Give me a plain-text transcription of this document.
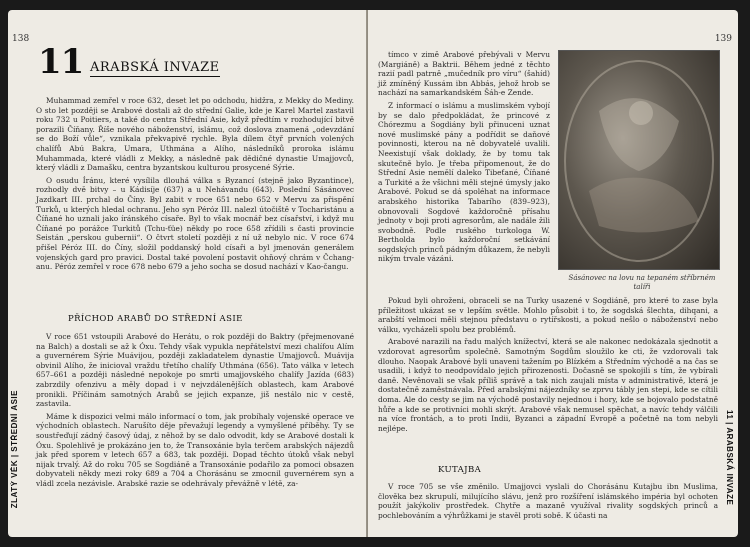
138
ZLATÝ VĚK | STŘEDNÍ ASIE
11 ARABSKÁ INVAZE

Muhammad zemřel v roce 632, deset let po odchodu, hidžra, z Mekky do Mediny. O sto let později se Arabové dostali až do střední Galie, kde je Karel Martel zastavil roku 732 u Poitiers, a také do centra Střední Asie, když předtím v rozhodující bitvě porazili Číňany. Říše nového náboženství, islámu, což doslova znamená „odevzdání se do Boží vůle“, vznikala překvapivě rychle. Byla dílem čtyř prvních volených chalífů Abú Bakra, Umara, Uthmána a Alího, následníků proroka islámu Muhammada, které vládli z Mekky, a následně pak dědičné dynastie Umajjovců, který vládli z Damašku, centra byzantskou kulturou prosycené Sýrie.

O osudu Íránu, které vysílila dlouhá válka s Byzancí (stejně jako Byzantince), rozhodly dvě bitvy – u Kádisíje (637) a u Nehávandu (643). Poslední Sásánovec Jazdkart III. prchal do Číny. Byl zabit v roce 651 nebo 652 v Mervu za přispění Turků, u kterých hledal ochranu. Jeho syn Péróz III. nalezl útočiště v Tocharistánu a Číňané ho uznali jako íránského císaře. Byl to však mocnář bez císařství, i když mu Číňané po porážce Turkitů (Tchu-ťüe) někdy po roce 658 zřídili s časti provincie Seistán „perskou gubernii“. O čtvrt století později z ní už nebylo nic. V roce 674 přišel Péróz III. do Číny, složil poddanský hold císaři a byl jmenován generálem vojenských gard pro pravici. Dostal také povolení postavit ohňový chrám v Čchang-anu. Péróz zemřel v roce 678 nebo 679 a jeho socha se dosud nachází v Kao-čangu.

PŘÍCHOD ARABŮ DO STŘEDNÍ ASIE

V roce 651 vstoupili Arabové do Herátu, o rok později do Baktry (přejmenované na Balch) a dostali se až k Óxu. Tehdy však vypukla nepřátelství mezi chalífou Alím a guvernérem Sýrie Muávijou, později zakladatelem dynastie Umajjovců. Muávija obvinil Alího, že inicioval vraždu třetího chalífy Uthmána (656). Tato válka v letech 657–661 a později následné nepokoje po smrti umajjovského chalífy Jazída (683) zabrzdily ofenzivu a měly dopad i v nejvzdálenějších oblastech, kam Arabové pronikli. Příčinám samotných Arabů se jejich expanze, jiš nestálo nic v cestě, zastavila.

Máme k dispozici velmi málo informací o tom, jak probíhaly vojenské operace ve východních oblastech. Narušíto děje převažují legendy a vymyšlené příběhy. Ty se soustřeďují zádný časový údaj, z něhož by se dalo odvodit, kdy se Arabové dostali k Óxu. Spolehlivě je prokázáno jen to, že Transoxánie byla terčem arabských nájezdů jak před sporem v letech 657 a 683, tak později. Dopad těchto útoků však nebyl nijak trvalý. Až do roku 705 se Sogdiáně a Transoxánie podařilo za pomoci obsazen dobyvateli někdy mezi roky 689 a 704 a Chorásánu se zmocnil guvernérem syn a vládl zcela nezávisle. Arabské razie se odehrávaly převážně v létě, za-

139
11 | ARABSKÁ INVAZE

tímco v zimě Arabové přebývali v Mervu (Margiáně) a Baktrii. Během jedné z těchto razií padl patrně „mučedník pro víru“ (šahíd) již zmíněný Kussám ibn Abbás, jehož hrob se nachází na samarkandském Šáh-e Zende.

Z informací o islámu a muslimském vybojí by se dalo předpokládat, že princové z Chórezmu a Sogdiány byli přinuceni uznat nové muslimské pány a podřídit se daňové povinnosti, kterou na ně dobyvatelé uvalili. Neexistují však doklady, že by tomu tak skutečně bylo. Je třeba připomenout, že do Střední Asie nemělí daleko Tibeťané, Číňané a Turkité a že všichni měli stejné úmysly jako Arabové. Pokud se dá spoléhat na informace arabského historika Tabarího (839–923), obnovovali Sogdové každoročně přísahu jednoty v boji proti agresorům, ale nadále žili svobodně. Podle ruského turkologa W. Bertholda bylo každoroční setkávání sogdských princů pádným důkazem, že nebyli nikým trvale vázáni.

Sásánovec na lovu na tepaném stříbrném talíři

Pokud byli ohroženi, obraceli se na Turky usazené v Sogdiáně, pro které to zase byla příležitost ukázat se v lepším světle. Mohlo působit i to, že sogdská šlechta, dihqani, a arabští velmoci měli stejnou představu o rytířskosti, a pokud nešlo o náboženství nebo válku, vycházeli spolu bez problémů.

Arabové narazili na řadu malých knížectví, která se ale nakonec nedokázala sjednotit a vzdorovat agresorům společně. Samotným Sogdům sloužilo ke cti, že vzdorovali tak dlouho. Naopak Arabové byli unaveni tažením po Blízkém a Středním východě a na čas se usadili, i když to neodpovídalo jejich přirozenosti. Dočasně se spokojili s tím, že vybírali daně. Nevěnovali se však příliš správě a tak nich zaujali místa v administrativě, která je dostatečně zaměstnávala. Před arabskými nájezdníky se zprvu tábly jen stepi, kde se cítili doma. Ale do cesty se jim na východě postavily nejednou i hory, kde se bojovalo podstatně hůře a kde se protivníci mohli skrýt. Arabové však nemusel spěchat, a navíc tehdy válčili na více frontách, a to proti Indii, Byzanci a západní Evropě a početně na tom nebyli nejlépe.

KUTAJBA

V roce 705 se vše změnilo. Umajjovci vyslali do Chorásánu Kutajbu ibn Muslima, člověka bez skrupulí, milujícího slávu, jenž pro rozšíření islámského impéria byl ochoten použít jakýkoliv prostředek. Chytře a mazaně využíval rivality sogdských princů a pochlebováním a výhrůžkami je stavěl proti sobě. K účasti na
